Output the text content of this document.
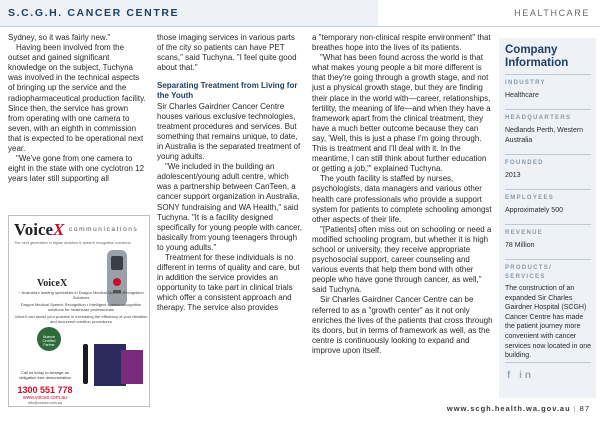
S.C.G.H. CANCER CENTRE	HEALTHCARE

Sydney, so it was fairly new."

Having been involved from the outset and gained significant knowledge on the subject, Tuchyna was involved in the technical aspects of bringing up the service and the radiopharmaceutical production facility. Since then, the service has grown from operating with one camera to seven, with an eighth in commission that is expected to be operational next year.

"We've gone from one camera to eight in the state with one cyclotron 12 years later still supporting all

VoiceX communications
The next generation in digital dictation & speech recognition solutions
VoiceX
~ Australia's leading specialists in Dragon Medical Speech Recognition Solutions
Dragon Medical Speech Recognition • Intelligent speech recognition solutions for healthcare professionals
VoiceX can assist your practice in increasing the efficiency of your dictation and document creation procedures
Nuance Certified Partner
Call us today to arrange an obligation free demonstration
1300 551 778
www.voicex.com.au
info@voicex.com.au

those imaging services in various parts of the city so patients can have PET scans," said Tuchyna. "I feel quite good about that."

Separating Treatment from Living for the Youth

Sir Charles Gairdner Cancer Centre houses various exclusive technologies, treatment procedures and services. But something that remains unique, to date, in Australia is the separated treatment of young adults.

"We included in the building an adolescent/young adult centre, which was a partnership between CanTeen, a cancer support organization in Australia, SONY fundraising and WA Health," said Tuchyna. "It is a facility designed specifically for young people with cancer, basically from young teenagers through to young adults."

Treatment for these individuals is no different in terms of quality and care, but in addition the service provides an opportunity to take part in clinical trials which offer a consistent approach and therapy. The service also provides

a "temporary non-clinical respite environment" that breathes hope into the lives of its patients.

"What has been found across the world is that what makes young people a bit more different is that they're going through a growth stage, and not just a physical growth stage, but they are finding their place in the world with—career, relationships, fertility, the meaning of life—and when they have a framework apart from the clinical treatment, they have a much better outcome because they can say, 'Well, this is just a phase I'm going through. This is treatment and I'll deal with it. In the meantime, I can still think about further education or getting a job,'" explained Tuchyna.

The youth facility is staffed by nurses, psychologists, data managers and various other health care professionals who provide a support system for patients to complete schooling amongst other aspects of their life.

"[Patients] often miss out on schooling or need a modified schooling program, but whether it is high school or university, they receive appropriate psychosocial support, career counseling and various events that help them bond with other people who have gone through cancer, as well," said Tuchyna.

Sir Charles Gairdner Cancer Centre can be referred to as a "growth center" as it not only enriches the lives of the patients that cross through its doors, but in terms of framework as well, as the centre is continuously looking to expand and improve upon itself.

Company Information
INDUSTRY
Healthcare
HEADQUARTERS
Nedlands Perth, Western Australia
FOUNDED
2013
EMPLOYEES
Approximately 500
REVENUE
78 Million
PRODUCTS/ SERVICES
The construction of an expanded Sir Charles Gairdner Hospital (SCGH) Cancer Centre has made the patient journey more convenient with cancer services now located in one building.
f in
www.scgh.health.wa.gov.au | 87
